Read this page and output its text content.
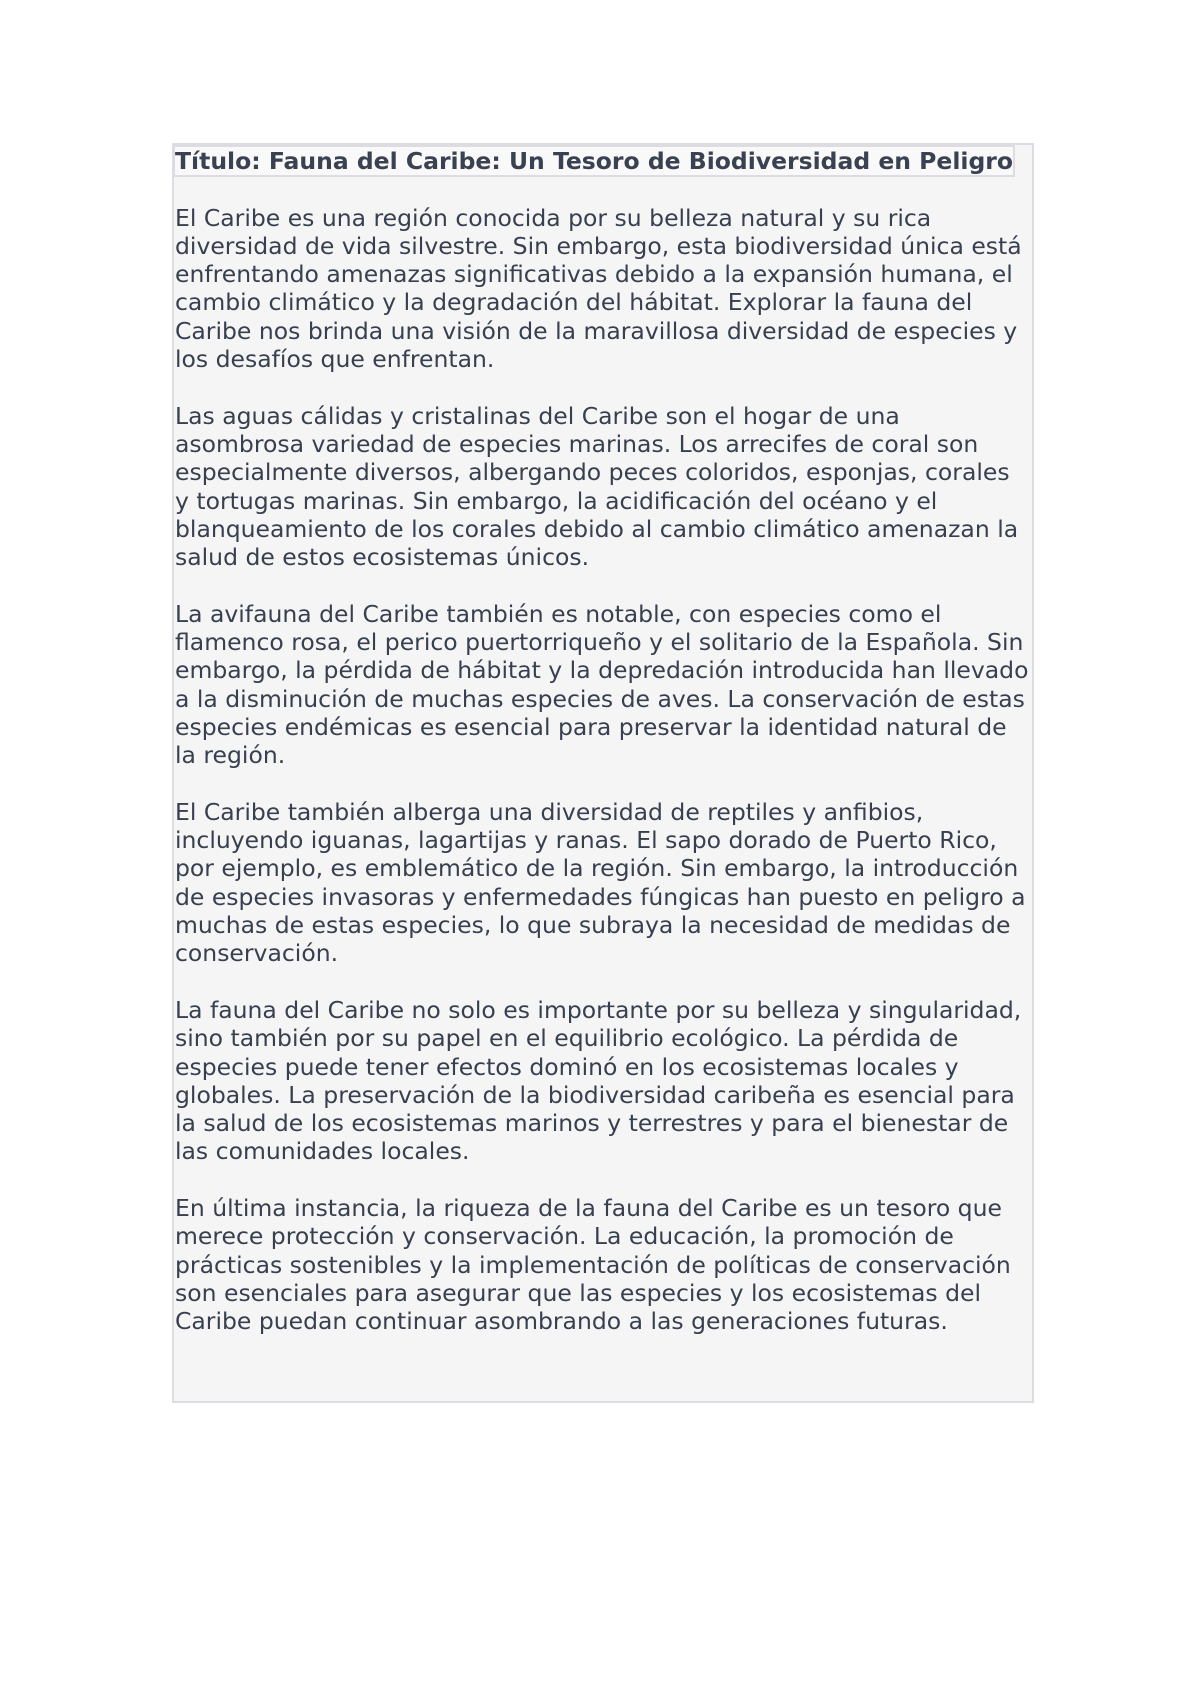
Título: Fauna del Caribe: Un Tesoro de Biodiversidad en Peligro

El Caribe es una región conocida por su belleza natural y su rica diversidad de vida silvestre. Sin embargo, esta biodiversidad única está enfrentando amenazas significativas debido a la expansión humana, el cambio climático y la degradación del hábitat. Explorar la fauna del Caribe nos brinda una visión de la maravillosa diversidad de especies y los desafíos que enfrentan.

Las aguas cálidas y cristalinas del Caribe son el hogar de una asombrosa variedad de especies marinas. Los arrecifes de coral son especialmente diversos, albergando peces coloridos, esponjas, corales y tortugas marinas. Sin embargo, la acidificación del océano y el blanqueamiento de los corales debido al cambio climático amenazan la salud de estos ecosistemas únicos.

La avifauna del Caribe también es notable, con especies como el flamenco rosa, el perico puertorriqueño y el solitario de la Española. Sin embargo, la pérdida de hábitat y la depredación introducida han llevado a la disminución de muchas especies de aves. La conservación de estas especies endémicas es esencial para preservar la identidad natural de la región.

El Caribe también alberga una diversidad de reptiles y anfibios, incluyendo iguanas, lagartijas y ranas. El sapo dorado de Puerto Rico, por ejemplo, es emblemático de la región. Sin embargo, la introducción de especies invasoras y enfermedades fúngicas han puesto en peligro a muchas de estas especies, lo que subraya la necesidad de medidas de conservación.

La fauna del Caribe no solo es importante por su belleza y singularidad, sino también por su papel en el equilibrio ecológico. La pérdida de especies puede tener efectos dominó en los ecosistemas locales y globales. La preservación de la biodiversidad caribeña es esencial para la salud de los ecosistemas marinos y terrestres y para el bienestar de las comunidades locales.

En última instancia, la riqueza de la fauna del Caribe es un tesoro que merece protección y conservación. La educación, la promoción de prácticas sostenibles y la implementación de políticas de conservación son esenciales para asegurar que las especies y los ecosistemas del Caribe puedan continuar asombrando a las generaciones futuras.
